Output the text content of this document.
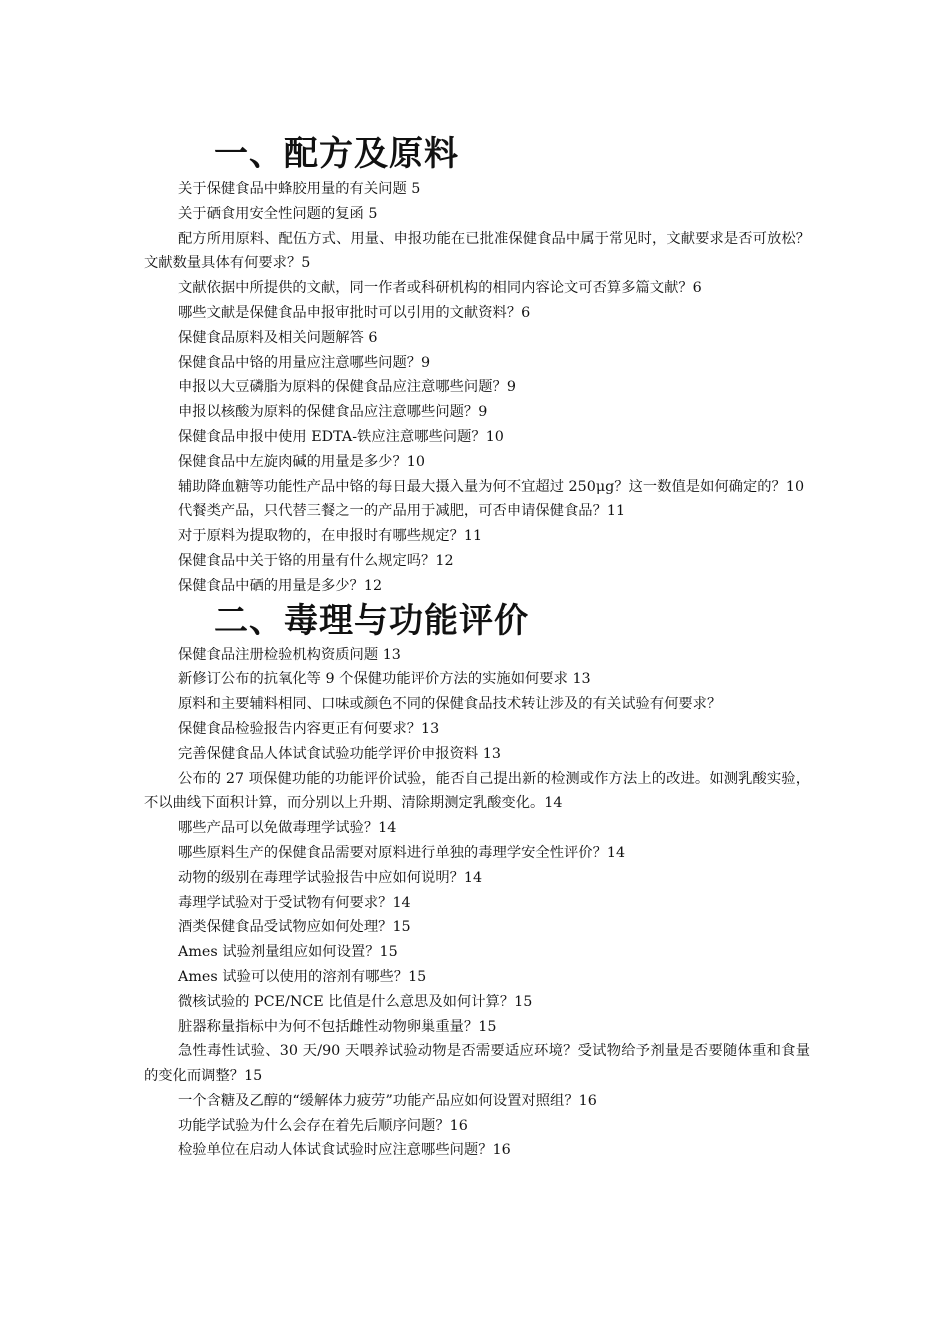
一、配方及原料
关于保健食品中蜂胶用量的有关问题 5
关于硒食用安全性问题的复函 5
配方所用原料、配伍方式、用量、申报功能在已批准保健食品中属于常见时，文献要求是否可放松？文献数量具体有何要求？5
文献依据中所提供的文献，同一作者或科研机构的相同内容论文可否算多篇文献？6
哪些文献是保健食品申报审批时可以引用的文献资料？6
保健食品原料及相关问题解答 6
保健食品中铬的用量应注意哪些问题？9
申报以大豆磷脂为原料的保健食品应注意哪些问题？9
申报以核酸为原料的保健食品应注意哪些问题？9
保健食品申报中使用 EDTA-铁应注意哪些问题？10
保健食品中左旋肉碱的用量是多少？10
辅助降血糖等功能性产品中铬的每日最大摄入量为何不宜超过 250μg？这一数值是如何确定的？10
代餐类产品，只代替三餐之一的产品用于减肥，可否申请保健食品？11
对于原料为提取物的，在申报时有哪些规定？11
保健食品中关于铬的用量有什么规定吗？12
保健食品中硒的用量是多少？12
二、毒理与功能评价
保健食品注册检验机构资质问题 13
新修订公布的抗氧化等 9 个保健功能评价方法的实施如何要求 13
原料和主要辅料相同、口味或颜色不同的保健食品技术转让涉及的有关试验有何要求？
保健食品检验报告内容更正有何要求？13
完善保健食品人体试食试验功能学评价申报资料 13
公布的 27 项保健功能的功能评价试验，能否自己提出新的检测或作方法上的改进。如测乳酸实验，不以曲线下面积计算，而分别以上升期、清除期测定乳酸变化。14
哪些产品可以免做毒理学试验？14
哪些原料生产的保健食品需要对原料进行单独的毒理学安全性评价？14
动物的级别在毒理学试验报告中应如何说明？14
毒理学试验对于受试物有何要求？14
酒类保健食品受试物应如何处理？15
Ames 试验剂量组应如何设置？15
Ames 试验可以使用的溶剂有哪些？15
微核试验的 PCE/NCE 比值是什么意思及如何计算？15
脏器称量指标中为何不包括雌性动物卵巢重量？15
急性毒性试验、30 天/90 天喂养试验动物是否需要适应环境？受试物给予剂量是否要随体重和食量的变化而调整？15
一个含糖及乙醇的“缓解体力疲劳”功能产品应如何设置对照组？16
功能学试验为什么会存在着先后顺序问题？16
检验单位在启动人体试食试验时应注意哪些问题？16
